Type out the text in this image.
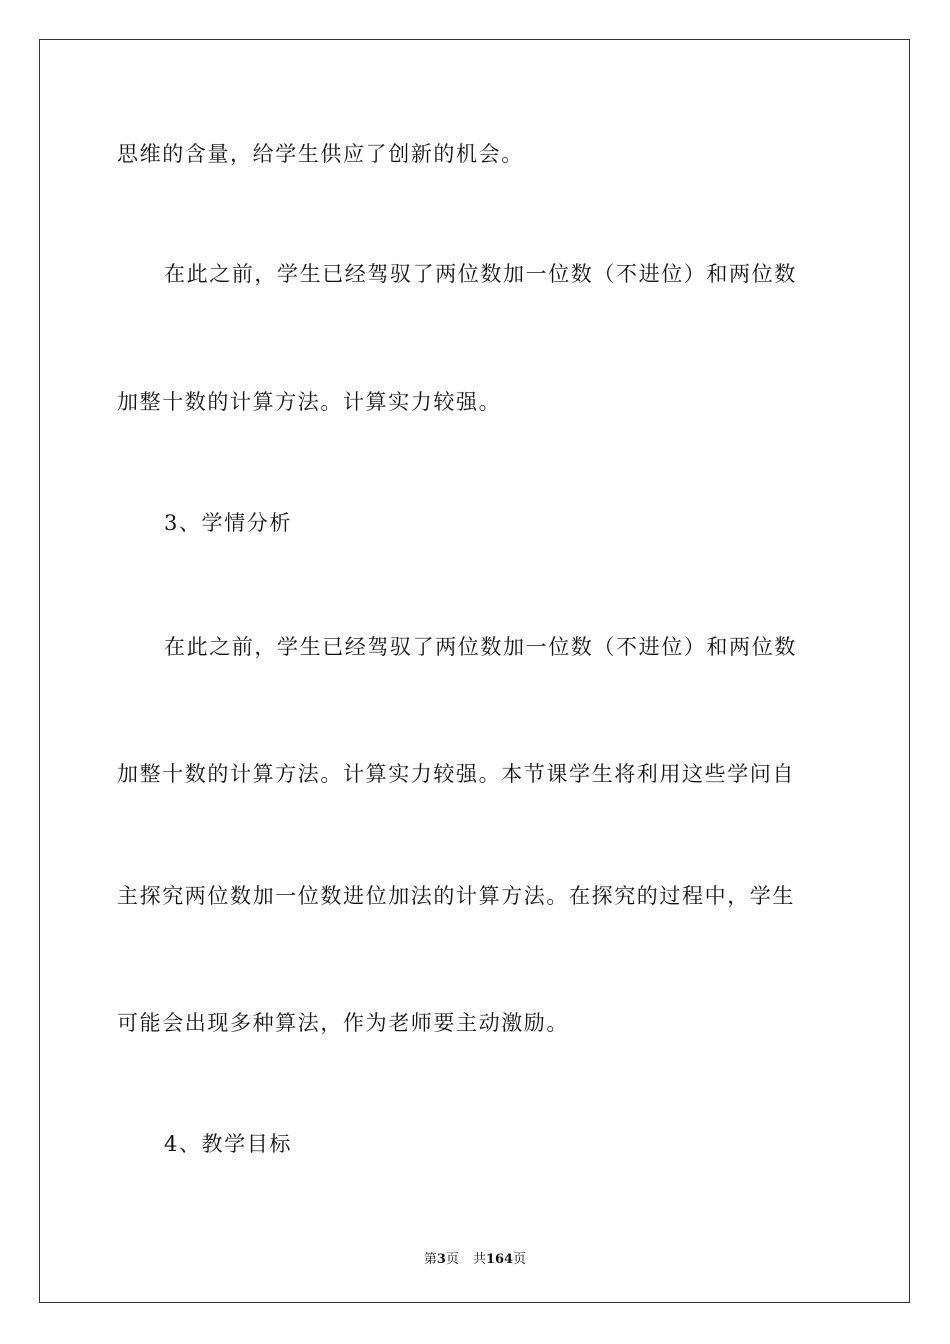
思维的含量，给学生供应了创新的机会。

在此之前，学生已经驾驭了两位数加一位数（不进位）和两位数

加整十数的计算方法。计算实力较强。

3、学情分析

在此之前，学生已经驾驭了两位数加一位数（不进位）和两位数

加整十数的计算方法。计算实力较强。本节课学生将利用这些学问自

主探究两位数加一位数进位加法的计算方法。在探究的过程中，学生

可能会出现多种算法，作为老师要主动激励。

4、教学目标

第3页 共164页
